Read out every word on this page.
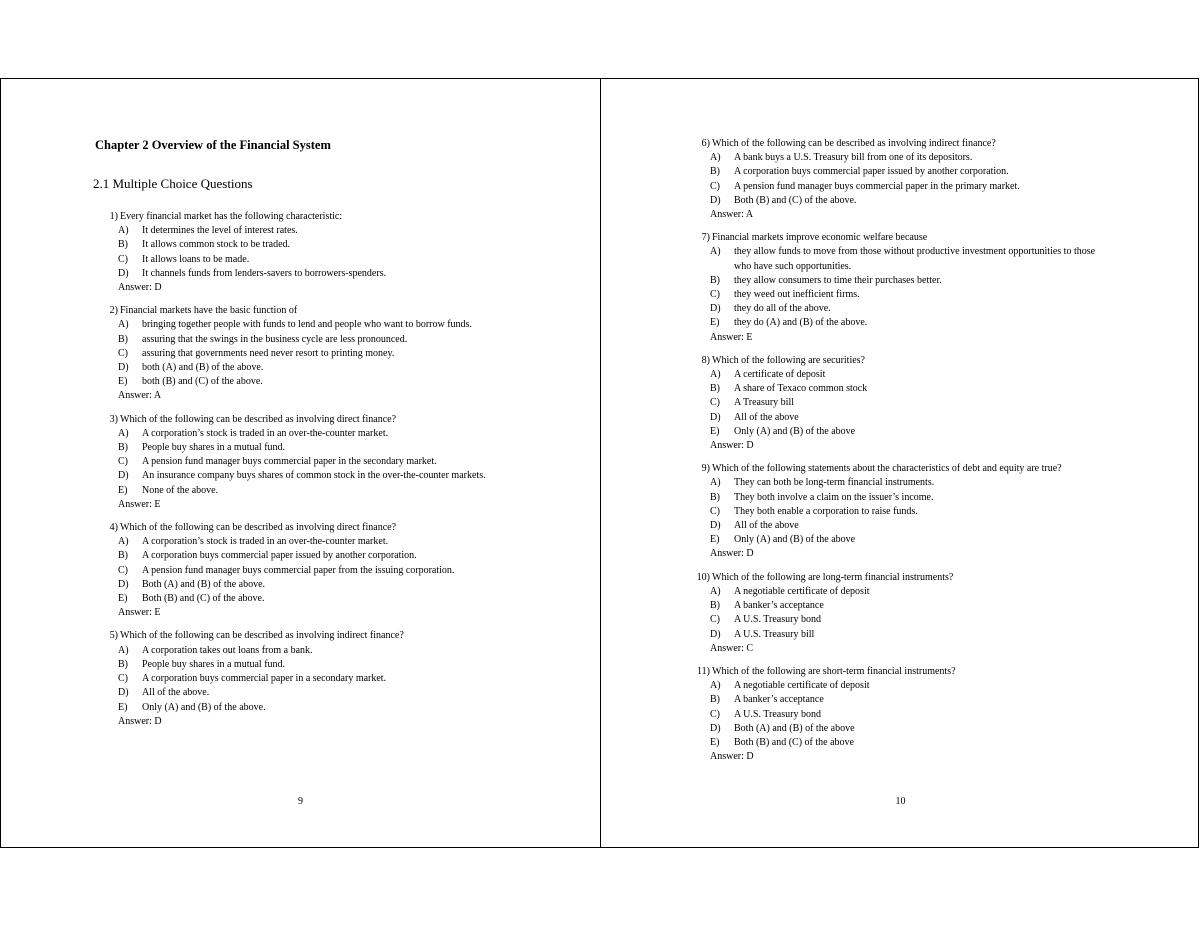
Chapter 2 Overview of the Financial System
2.1 Multiple Choice Questions
1) Every financial market has the following characteristic:
A)	It determines the level of interest rates.
B)	It allows common stock to be traded.
C)	It allows loans to be made.
D)	It channels funds from lenders-savers to borrowers-spenders.
Answer: D
2) Financial markets have the basic function of
A)	bringing together people with funds to lend and people who want to borrow funds.
B)	assuring that the swings in the business cycle are less pronounced.
C)	assuring that governments need never resort to printing money.
D)	both (A) and (B) of the above.
E)	both (B) and (C) of the above.
Answer: A
3) Which of the following can be described as involving direct finance?
A)	A corporation’s stock is traded in an over-the-counter market.
B)	People buy shares in a mutual fund.
C)	A pension fund manager buys commercial paper in the secondary market.
D)	An insurance company buys shares of common stock in the over-the-counter markets.
E)	None of the above.
Answer: E
4) Which of the following can be described as involving direct finance?
A)	A corporation’s stock is traded in an over-the-counter market.
B)	A corporation buys commercial paper issued by another corporation.
C)	A pension fund manager buys commercial paper from the issuing corporation.
D)	Both (A) and (B) of the above.
E)	Both (B) and (C) of the above.
Answer: E
5) Which of the following can be described as involving indirect finance?
A)	A corporation takes out loans from a bank.
B)	People buy shares in a mutual fund.
C)	A corporation buys commercial paper in a secondary market.
D)	All of the above.
E)	Only (A) and (B) of the above.
Answer: D
9
6) Which of the following can be described as involving indirect finance?
A)	A bank buys a U.S. Treasury bill from one of its depositors.
B)	A corporation buys commercial paper issued by another corporation.
C)	A pension fund manager buys commercial paper in the primary market.
D)	Both (B) and (C) of the above.
Answer: A
7) Financial markets improve economic welfare because
A)	they allow funds to move from those without productive investment opportunities to those who have such opportunities.
B)	they allow consumers to time their purchases better.
C)	they weed out inefficient firms.
D)	they do all of the above.
E)	they do (A) and (B) of the above.
Answer: E
8) Which of the following are securities?
A)	A certificate of deposit
B)	A share of Texaco common stock
C)	A Treasury bill
D)	All of the above
E)	Only (A) and (B) of the above
Answer: D
9) Which of the following statements about the characteristics of debt and equity are true?
A)	They can both be long-term financial instruments.
B)	They both involve a claim on the issuer’s income.
C)	They both enable a corporation to raise funds.
D)	All of the above
E)	Only (A) and (B) of the above
Answer: D
10) Which of the following are long-term financial instruments?
A)	A negotiable certificate of deposit
B)	A banker’s acceptance
C)	A U.S. Treasury bond
D)	A U.S. Treasury bill
Answer: C
11) Which of the following are short-term financial instruments?
A)	A negotiable certificate of deposit
B)	A banker’s acceptance
C)	A U.S. Treasury bond
D)	Both (A) and (B) of the above
E)	Both (B) and (C) of the above
Answer: D
10
